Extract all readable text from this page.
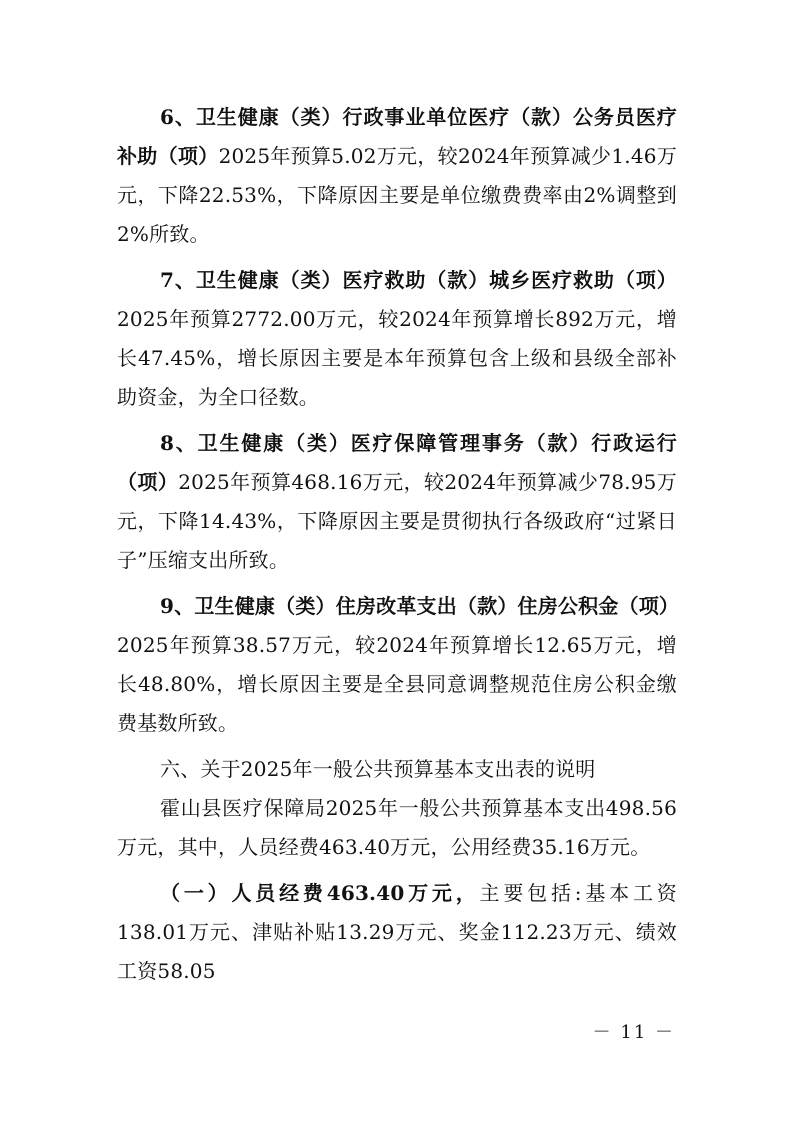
6、卫生健康（类）行政事业单位医疗（款）公务员医疗补助（项）2025年预算5.02万元，较2024年预算减少1.46万元，下降22.53%，下降原因主要是单位缴费费率由2%调整到2%所致。

7、卫生健康（类）医疗救助（款）城乡医疗救助（项）2025年预算2772.00万元，较2024年预算增长892万元，增长47.45%，增长原因主要是本年预算包含上级和县级全部补助资金，为全口径数。

8、卫生健康（类）医疗保障管理事务（款）行政运行（项）2025年预算468.16万元，较2024年预算减少78.95万元，下降14.43%，下降原因主要是贯彻执行各级政府“过紧日子”压缩支出所致。

9、卫生健康（类）住房改革支出（款）住房公积金（项）2025年预算38.57万元，较2024年预算增长12.65万元，增长48.80%，增长原因主要是全县同意调整规范住房公积金缴费基数所致。

六、关于2025年一般公共预算基本支出表的说明

霍山县医疗保障局2025年一般公共预算基本支出498.56万元，其中，人员经费463.40万元，公用经费35.16万元。

（一）人员经费463.40万元，主要包括:基本工资138.01万元、津贴补贴13.29万元、奖金112.23万元、绩效工资58.05

－ 11 －
